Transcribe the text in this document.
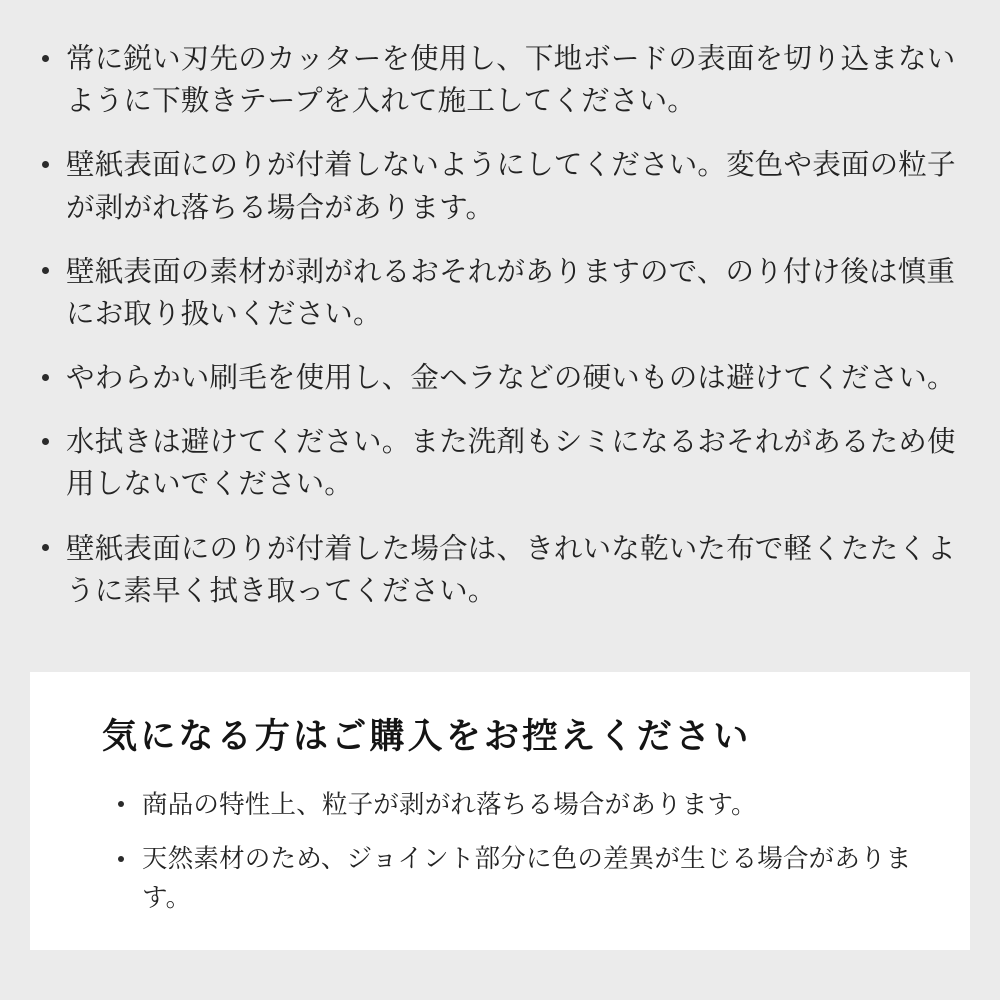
常に鋭い刃先のカッターを使用し、下地ボードの表面を切り込まないように下敷きテープを入れて施工してください。
壁紙表面にのりが付着しないようにしてください。変色や表面の粒子が剥がれ落ちる場合があります。
壁紙表面の素材が剥がれるおそれがありますので、のり付け後は慎重にお取り扱いください。
やわらかい刷毛を使用し、金ヘラなどの硬いものは避けてください。
水拭きは避けてください。また洗剤もシミになるおそれがあるため使用しないでください。
壁紙表面にのりが付着した場合は、きれいな乾いた布で軽くたたくように素早く拭き取ってください。
気になる方はご購入をお控えください
商品の特性上、粒子が剥がれ落ちる場合があります。
天然素材のため、ジョイント部分に色の差異が生じる場合があります。
